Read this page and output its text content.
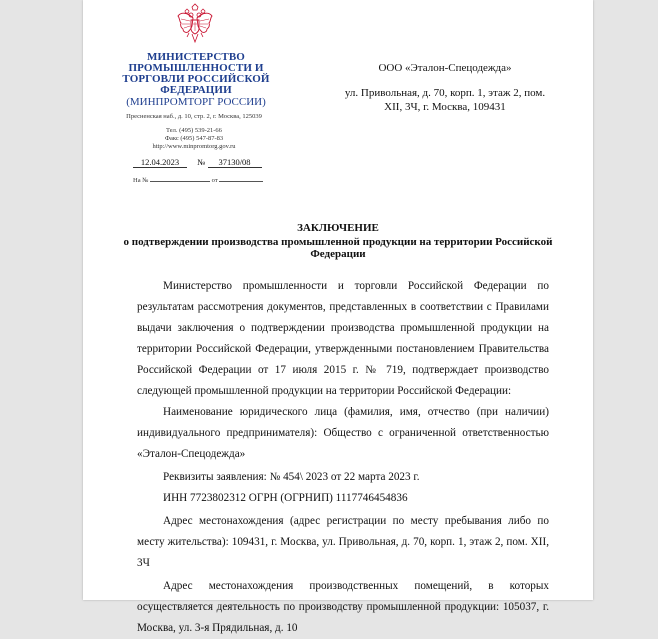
МИНИСТЕРСТВО ПРОМЫШЛЕННОСТИ И ТОРГОВЛИ РОССИЙСКОЙ ФЕДЕРАЦИИ
(МИНПРОМТОРГ РОССИИ)
Пресненская наб., д. 10, стр. 2, г. Москва, 125039
Тел. (495) 539-21-66
Факс (495) 547-87-83
http://www.minpromtorg.gov.ru
12.04.2023 № 37130/08
На №	от
ООО «Эталон-Спецодежда»
ул. Привольная, д. 70, корп. 1, этаж 2, пом. XII, 3Ч, г. Москва, 109431
ЗАКЛЮЧЕНИЕ
о подтверждении производства промышленной продукции на территории Российской Федерации

Министерство промышленности и торговли Российской Федерации по результатам рассмотрения документов, представленных в соответствии с Правилами выдачи заключения о подтверждении производства промышленной продукции на территории Российской Федерации, утвержденными постановлением Правительства Российской Федерации от 17 июля 2015 г. № 719, подтверждает производство следующей промышленной продукции на территории Российской Федерации:

Наименование юридического лица (фамилия, имя, отчество (при наличии) индивидуального предпринимателя): Общество с ограниченной ответственностью «Эталон-Спецодежда»

Реквизиты заявления: № 454\ 2023 от 22 марта 2023 г.

ИНН 7723802312 ОГРН (ОГРНИП) 1117746454836

Адрес местонахождения (адрес регистрации по месту пребывания либо по месту жительства): 109431, г. Москва, ул. Привольная, д. 70, корп. 1, этаж 2, пом. XII, 3Ч

Адрес местонахождения производственных помещений, в которых осуществляется деятельность по производству промышленной продукции: 105037, г. Москва, ул. 3-я Прядильная, д. 10
